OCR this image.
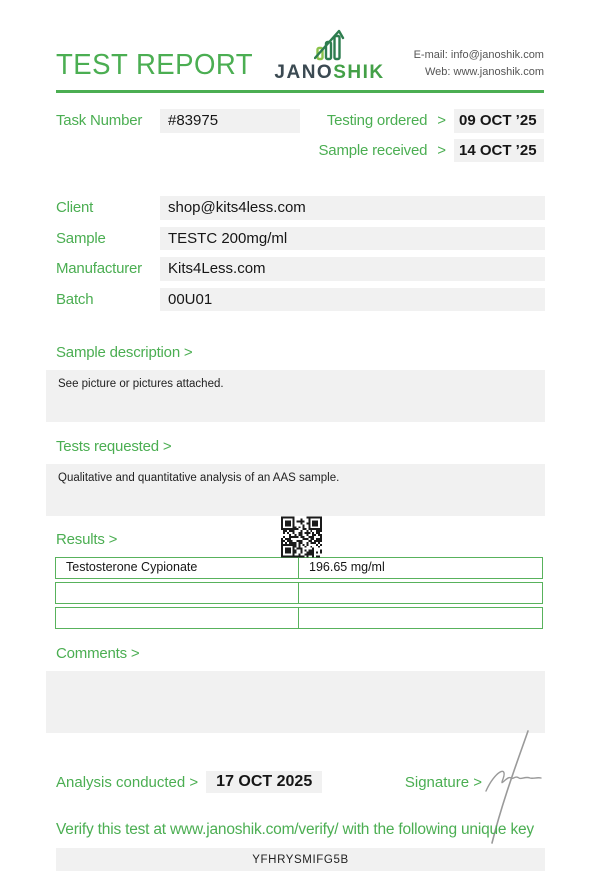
TEST REPORT JANOSHIK
E-mail: info@janoshik.com
Web: www.janoshik.com
Task Number	#83975	Testing ordered > 09 OCT ’25
Sample received > 14 OCT ’25
Client	shop@kits4less.com
Sample	TESTC 200mg/ml
Manufacturer	Kits4Less.com
Batch	00U01
Sample description >
See picture or pictures attached.
Tests requested >
Qualitative and quantitative analysis of an AAS sample.
Results >
Testosterone Cypionate	196.65 mg/ml
Comments >
Analysis conducted >	17 OCT 2025	Signature >
Verify this test at www.janoshik.com/verify/ with the following unique key
YFHRYSMIFG5B
